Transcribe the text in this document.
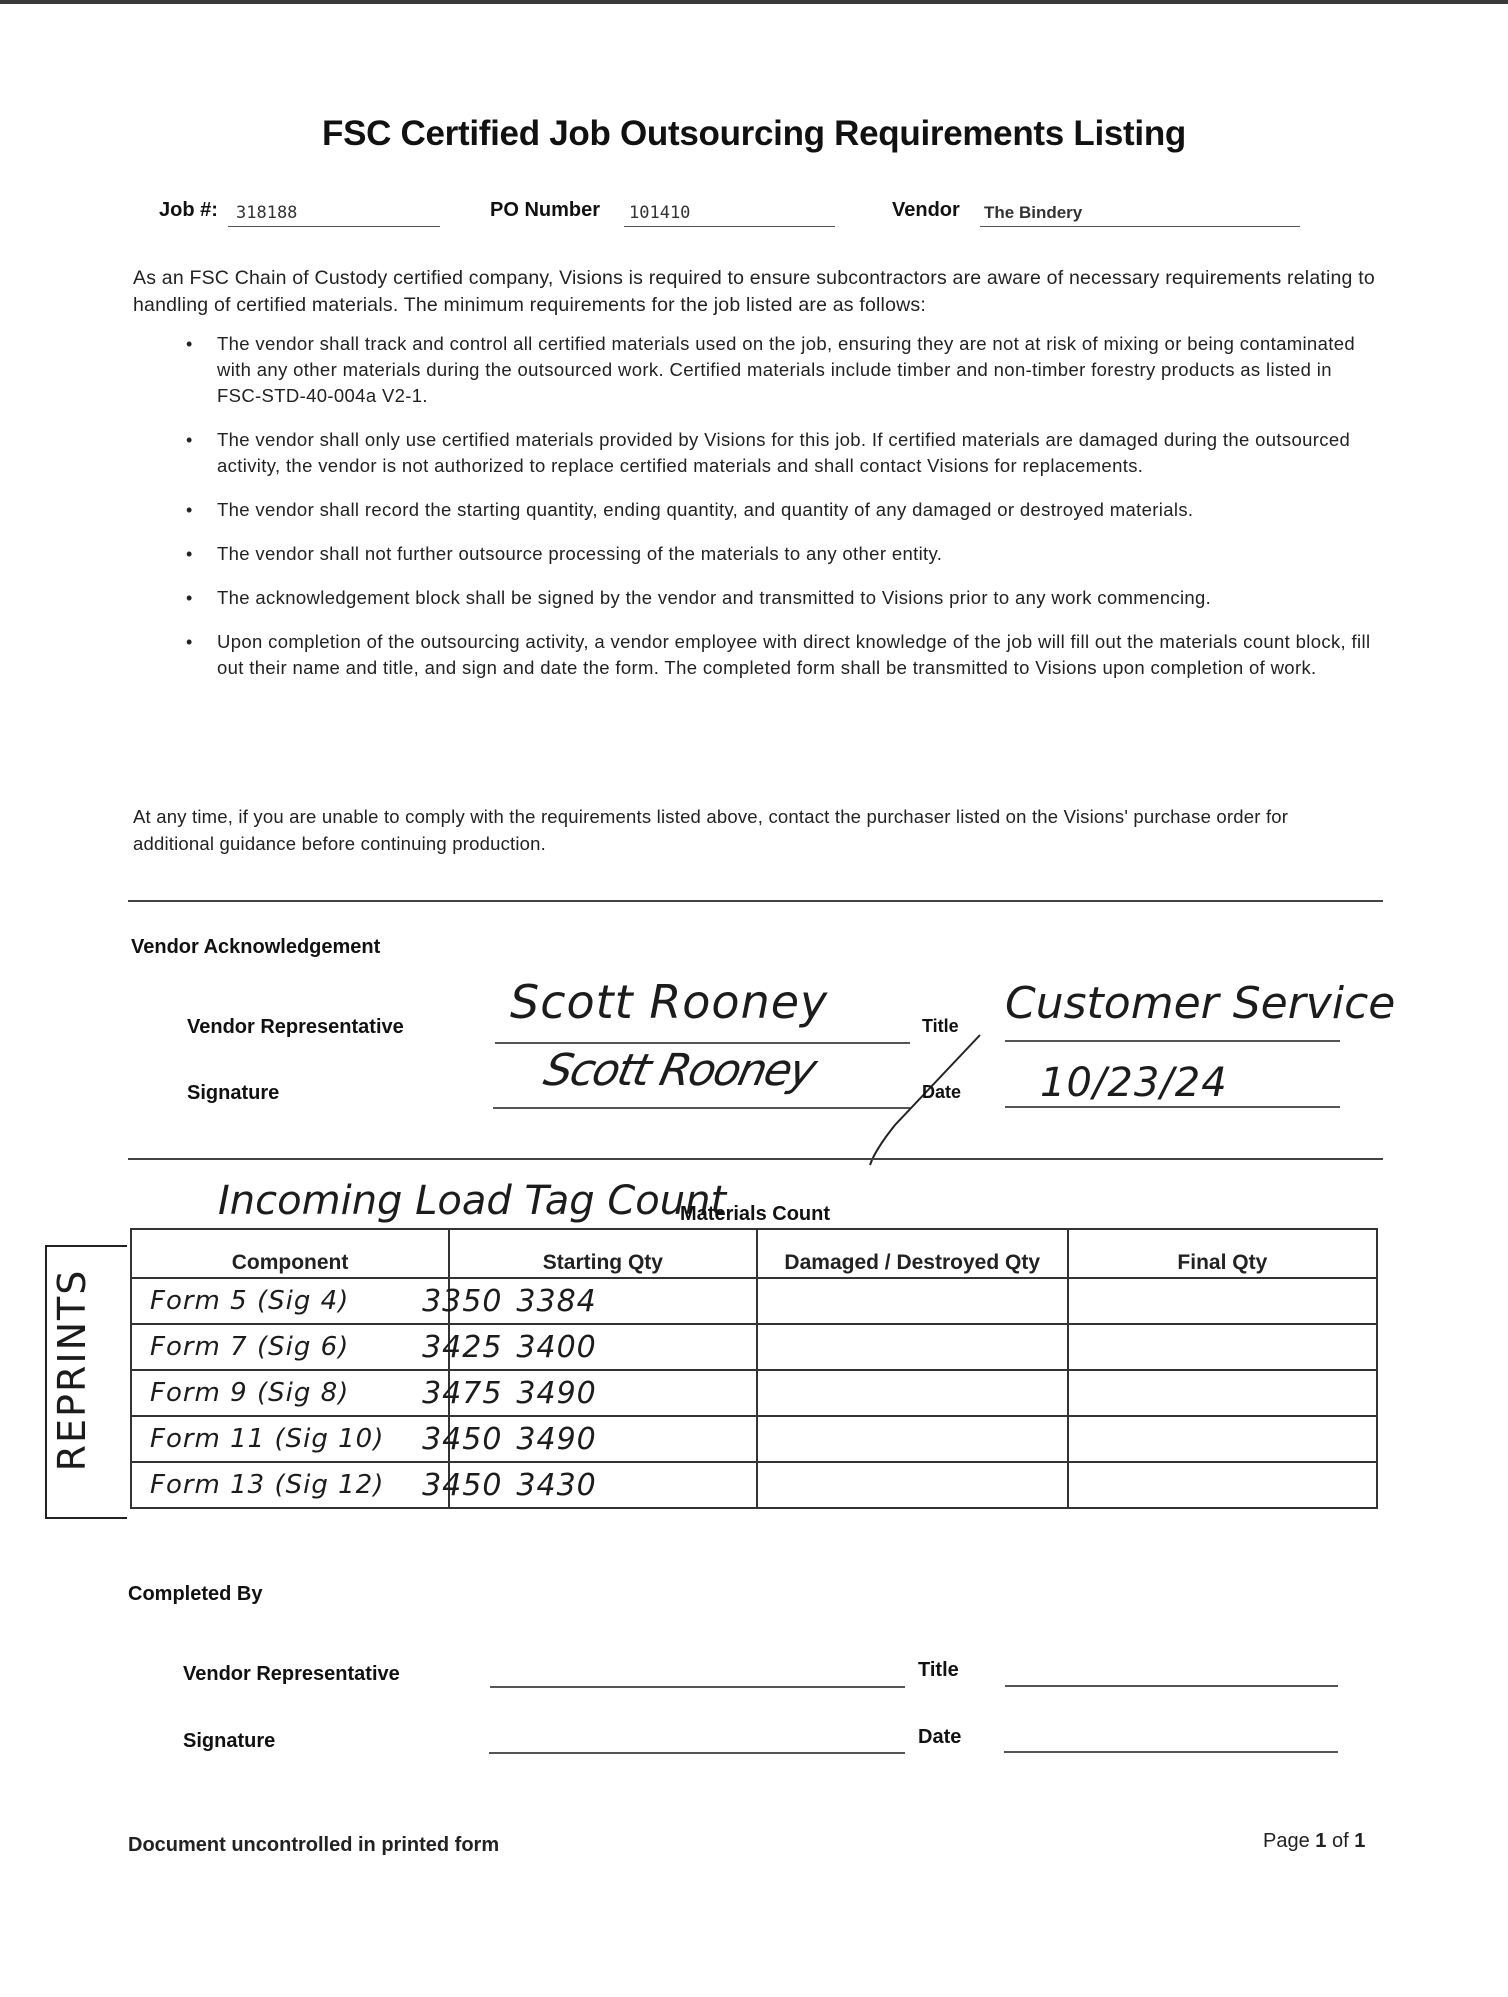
FSC Certified Job Outsourcing Requirements Listing
Job #: 318188	PO Number 101410	Vendor The Bindery
As an FSC Chain of Custody certified company, Visions is required to ensure subcontractors are aware of necessary requirements relating to handling of certified materials. The minimum requirements for the job listed are as follows:
• The vendor shall track and control all certified materials used on the job, ensuring they are not at risk of mixing or being contaminated with any other materials during the outsourced work. Certified materials include timber and non-timber forestry products as listed in FSC-STD-40-004a V2-1.
• The vendor shall only use certified materials provided by Visions for this job. If certified materials are damaged during the outsourced activity, the vendor is not authorized to replace certified materials and shall contact Visions for replacements.
• The vendor shall record the starting quantity, ending quantity, and quantity of any damaged or destroyed materials.
• The vendor shall not further outsource processing of the materials to any other entity.
• The acknowledgement block shall be signed by the vendor and transmitted to Visions prior to any work commencing.
• Upon completion of the outsourcing activity, a vendor employee with direct knowledge of the job will fill out the materials count block, fill out their name and title, and sign and date the form. The completed form shall be transmitted to Visions upon completion of work.
At any time, if you are unable to comply with the requirements listed above, contact the purchaser listed on the Visions' purchase order for additional guidance before continuing production.
Vendor Acknowledgement
Vendor Representative Scott Rooney	Title Customer Service
Signature	Scott Rooney	Date 10/23/24
Incoming Load Tag Count
Materials Count
REPRINTS
Component	Starting Qty	Damaged / Destroyed Qty	Final Qty

Form 5 (Sig 4)	3350 3384		

Form 7 (Sig 6)	3425 3400		

Form 9 (Sig 8)	3475 3490		

Form 11 (Sig 10)	3450 3490		

Form 13 (Sig 12)	3450 3430		

Completed By
Vendor Representative	Title
Signature	Date
Document uncontrolled in printed form	Page 1 of 1
